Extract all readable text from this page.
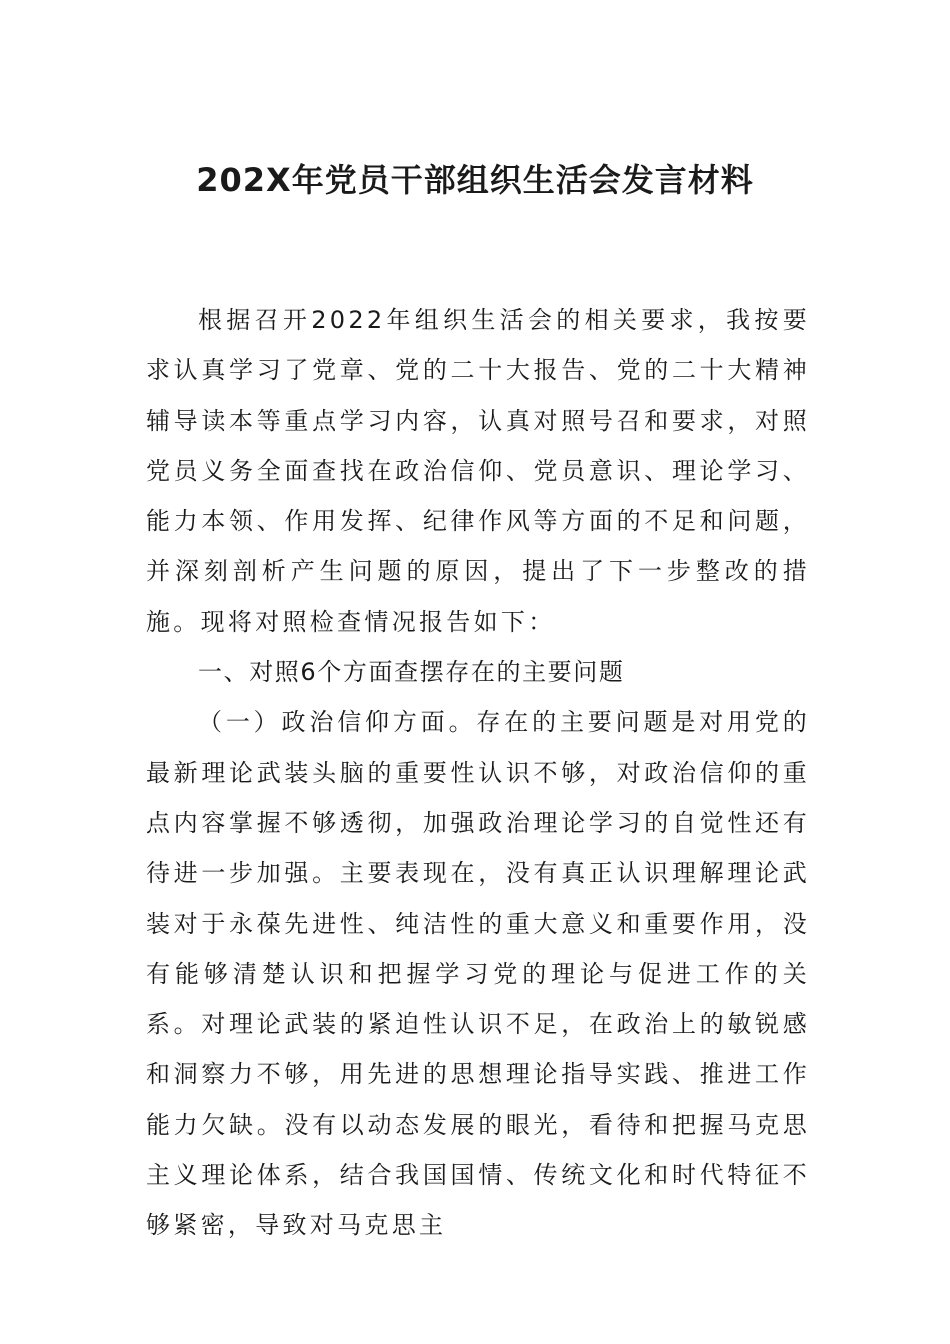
202X年党员干部组织生活会发言材料

根据召开2022年组织生活会的相关要求，我按要求认真学习了党章、党的二十大报告、党的二十大精神辅导读本等重点学习内容，认真对照号召和要求，对照党员义务全面查找在政治信仰、党员意识、理论学习、能力本领、作用发挥、纪律作风等方面的不足和问题，并深刻剖析产生问题的原因，提出了下一步整改的措施。现将对照检查情况报告如下：

一、对照6个方面查摆存在的主要问题

（一）政治信仰方面。存在的主要问题是对用党的最新理论武装头脑的重要性认识不够，对政治信仰的重点内容掌握不够透彻，加强政治理论学习的自觉性还有待进一步加强。主要表现在，没有真正认识理解理论武装对于永葆先进性、纯洁性的重大意义和重要作用，没有能够清楚认识和把握学习党的理论与促进工作的关系。对理论武装的紧迫性认识不足，在政治上的敏锐感和洞察力不够，用先进的思想理论指导实践、推进工作能力欠缺。没有以动态发展的眼光，看待和把握马克思主义理论体系，结合我国国情、传统文化和时代特征不够紧密，导致对马克思主
